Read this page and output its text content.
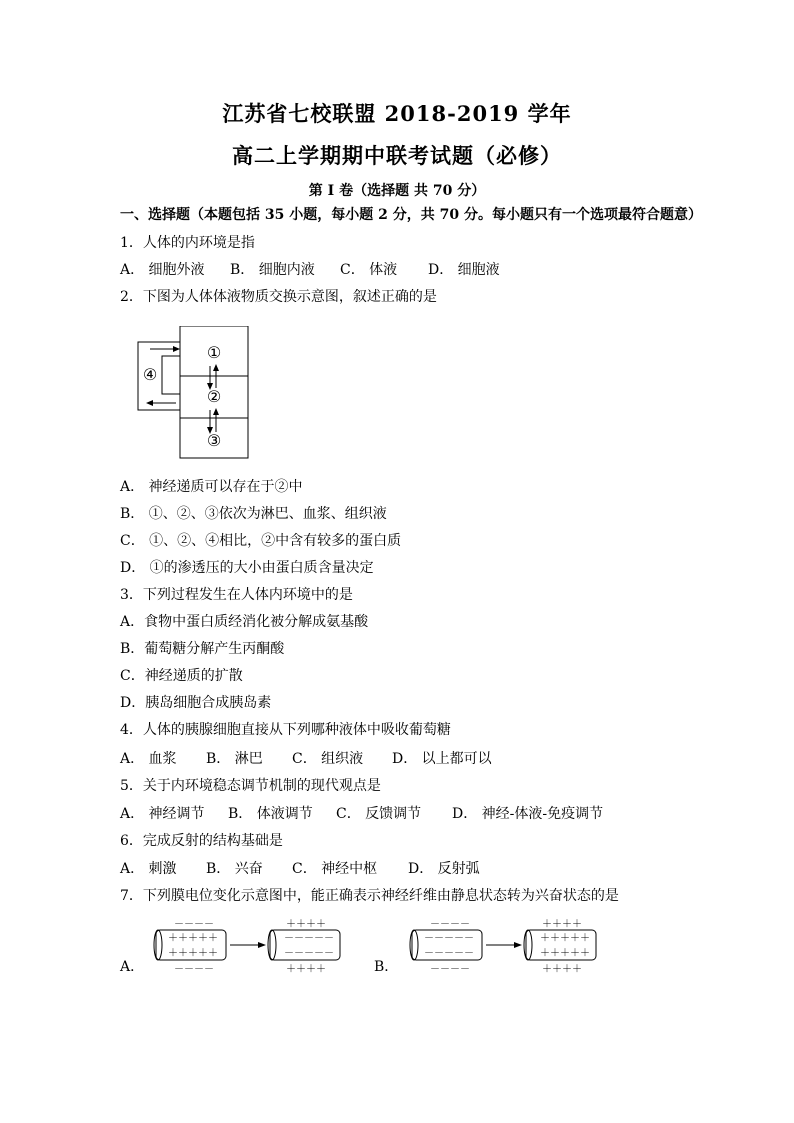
江苏省七校联盟 2018-2019 学年
高二上学期期中联考试题（必修）
第 I 卷（选择题 共 70 分）
一、选择题（本题包括 35 小题，每小题 2 分，共 70 分。每小题只有一个选项最符合题意）
1．人体的内环境是指
A． 细胞外液 B． 细胞内液 C． 体液 D． 细胞液
2．下图为人体体液物质交换示意图，叙述正确的是
①
②
③
④
A． 神经递质可以存在于②中
B． ①、②、③依次为淋巴、血浆、组织液
C． ①、②、④相比，②中含有较多的蛋白质
D． ①的渗透压的大小由蛋白质含量决定
3．下列过程发生在人体内环境中的是
A．食物中蛋白质经消化被分解成氨基酸
B．葡萄糖分解产生丙酮酸
C．神经递质的扩散
D．胰岛细胞合成胰岛素
4．人体的胰腺细胞直接从下列哪种液体中吸收葡萄糖
A． 血浆 B． 淋巴 C． 组织液 D． 以上都可以
5．关于内环境稳态调节机制的现代观点是
A． 神经调节 B． 体液调节 C． 反馈调节 D． 神经-体液-免疫调节
6．完成反射的结构基础是
A． 刺激 B． 兴奋 C． 神经中枢 D． 反射弧
7．下列膜电位变化示意图中，能正确表示神经纤维由静息状态转为兴奋状态的是
A．	B．
－－－－
＋＋＋＋＋
＋＋＋＋＋
－－－－
＋＋＋＋
－－－－－
－－－－－
＋＋＋＋
－－－－
－－－－－
－－－－－
－－－－
＋＋＋＋
＋＋＋＋＋
＋＋＋＋＋
＋＋＋＋
